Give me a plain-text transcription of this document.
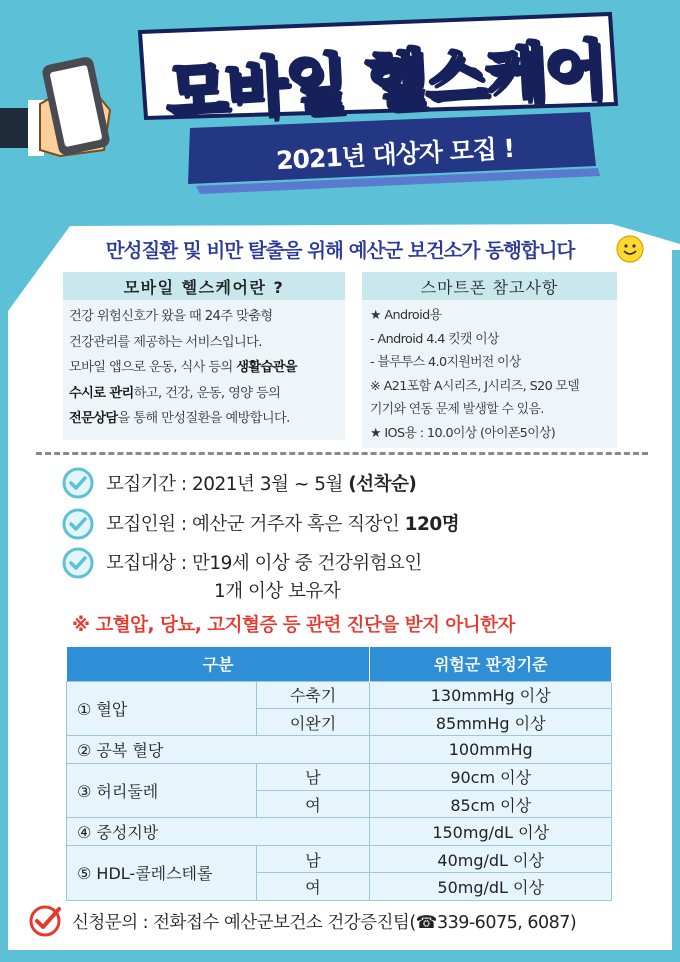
모바일 헬스케어
2021년 대상자 모집 !
만성질환 및 비만 탈출을 위해 예산군 보건소가 동행합니다
모바일 헬스케어란 ?
건강 위험신호가 왔을 때 24주 맞춤형
건강관리를 제공하는 서비스입니다.
모바일 앱으로 운동, 식사 등의 생활습관을
수시로 관리하고, 건강, 운동, 영양 등의
전문상담을 통해 만성질환을 예방합니다.
스마트폰 참고사항
★ Android용
- Android 4.4 킷캣 이상
- 블루투스 4.0지원버전 이상
※ A21포함 A시리즈, J시리즈, S20 모델
기기와 연동 문제 발생할 수 있음.
★ IOS용 : 10.0이상 (아이폰5이상)
모집기간 : 2021년 3월 ~ 5월 (선착순)
모집인원 : 예산군 거주자 혹은 직장인 120명
모집대상 : 만19세 이상 중 건강위험요인
1개 이상 보유자
※ 고혈압, 당뇨, 고지혈증 등 관련 진단을 받지 아니한자
구분		위험군 판정기준
① 혈압	수축기	130mmHg 이상
	이완기	85mmHg 이상
② 공복 혈당		100mmHg
③ 허리둘레	남	90cm 이상
	여	85cm 이상
④ 중성지방		150mg/dL 이상
⑤ HDL-콜레스테롤	남	40mg/dL 이상
	여	50mg/dL 이상
신청문의 : 전화접수 예산군보건소 건강증진팀(☎339-6075, 6087)
